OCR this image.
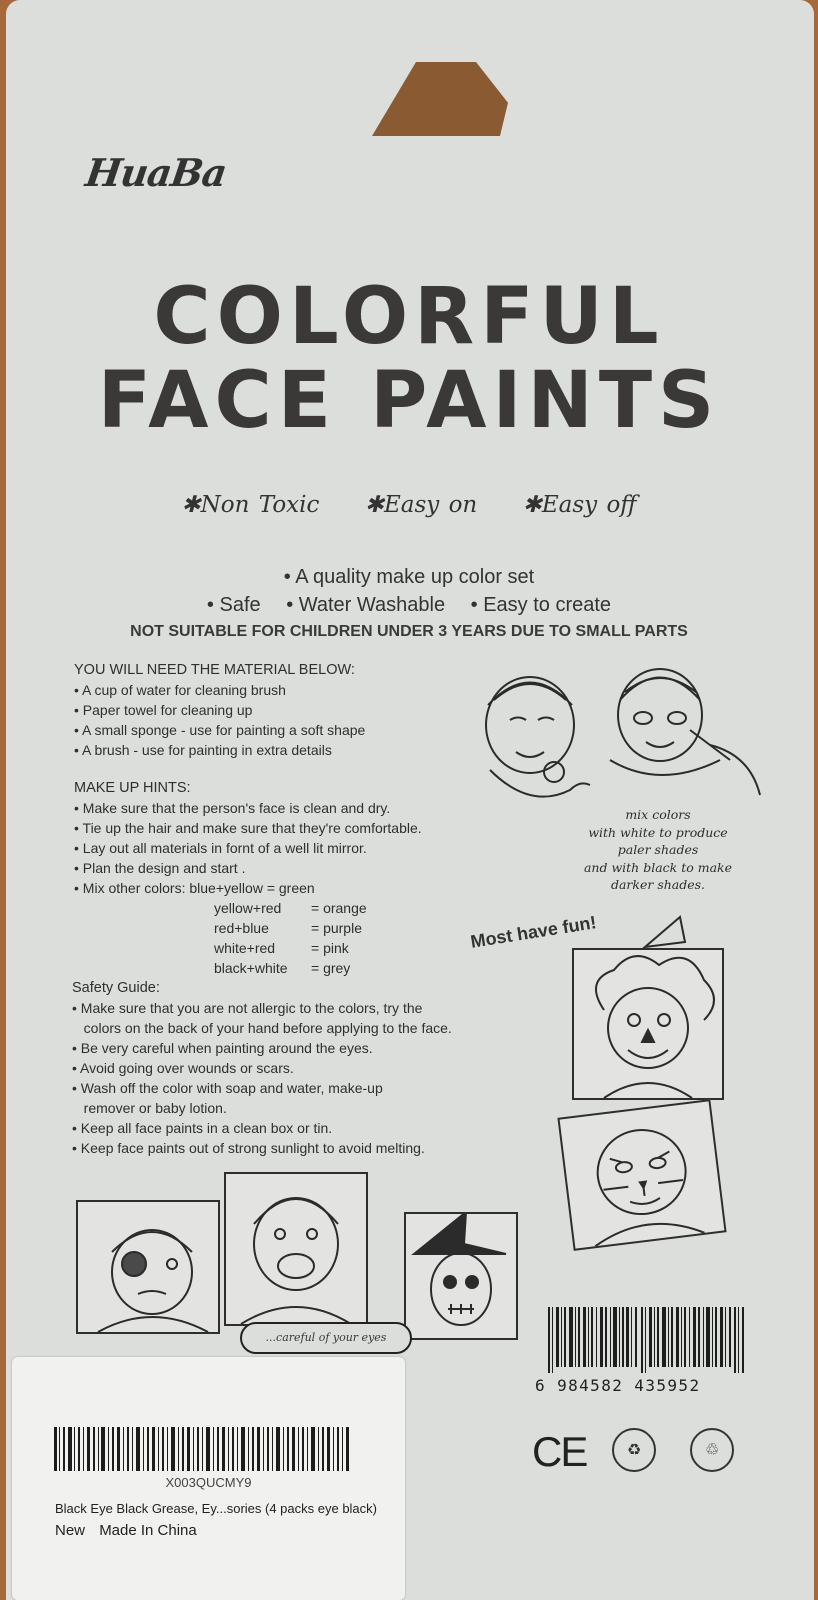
HuaBa
COLORFUL
FACE PAINTS
✱Non Toxic ✱Easy on ✱Easy off
• A quality make up color set
• Safe • Water Washable • Easy to create
NOT SUITABLE FOR CHILDREN UNDER 3 YEARS DUE TO SMALL PARTS
YOU WILL NEED THE MATERIAL BELOW:
• A cup of water for cleaning brush
• Paper towel for cleaning up
• A small sponge - use for painting a soft shape
• A brush - use for painting in extra details
MAKE UP HINTS:
• Make sure that the person's face is clean and dry.
• Tie up the hair and make sure that they're comfortable.
• Lay out all materials in fornt of a well lit mirror.
• Plan the design and start .
• Mix other colors: blue+yellow = green
yellow+red = orange
red+blue	= purple
white+red	= pink
black+white = grey
Safety Guide:
• Make sure that you are not allergic to the colors, try the
colors on the back of your hand before applying to the face.
• Be very careful when painting around the eyes.
• Avoid going over wounds or scars.
• Wash off the color with soap and water, make-up
remover or baby lotion.
• Keep all face paints in a clean box or tin.
• Keep face paints out of strong sunlight to avoid melting.
mix colors
with white to produce
paler shades
and with black to make
darker shades.
Most have fun!
...careful of your eyes
6 984582 435952
CE	♻	♲
X003QUCMY9
Black Eye Black Grease, Ey...sories (4 packs eye black)
New Made In China
